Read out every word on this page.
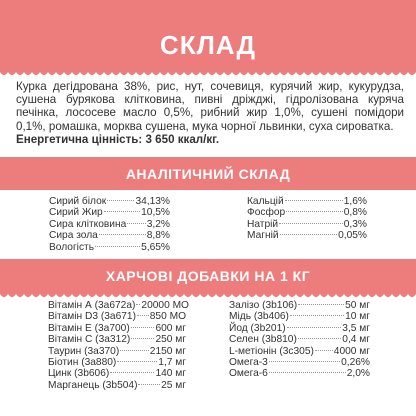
СКЛАД
Курка дегідрована 38%, рис, нут, сочевиця, курячий жир, кукурудза, сушена бурякова клітковина, пивні дріжджі, гідролізована куряча печінка, лососеве масло 0,5%, рибний жир 1,0%, сушені помідори 0,1%, ромашка, морква сушена, мука чорної львинки, суха сироватка.
Енергетична цінність: 3 650 ккал/кг.
АНАЛІТИЧНИЙ СКЛАД
Сирий білок	34,13%
Сирий Жир	10,5%
Сира клітковина 3,2%
Сира зола	8,8%
Вологість	5,65%
Кальцій	1,6%
Фосфор	0,8%
Натрій	0,3%
Магній	0,05%
ХАРЧОВІ ДОБАВКИ НА 1 КГ
Вітамін А (3а672а) 20000 МО
Вітамін D3 (3а671) 850 МО
Вітамін Е (3а700)	600 мг
Вітамін С (3а312) 250 мг
Таурин (3а370)	2150 мг
Біотин (3а880)	1,7 мг
Цинк (3b606)	140 мг
Марганець (3b504) 25 мг
Залізо (3b106)	50 мг
Мідь (3b406)	10 мг
Йод (3b201)	3,5 мг
Селен (3b810)	0,4 мг
L-метіонін (3c305) 4000 мг
Омега-3	0,26%
Омега-6	2,0%
